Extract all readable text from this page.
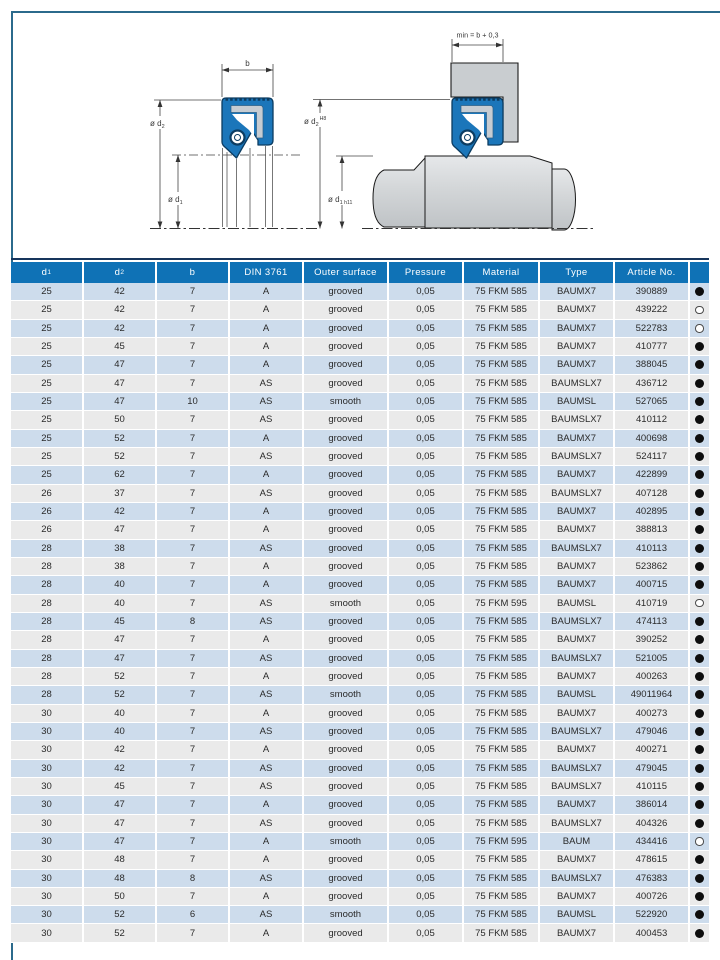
b
ø $d_2$
ø $d_1$
min = b + 0,3
ø $d_2^{H8}$
ø $d_1$ h11
d 1	d 2	b	DIN 3761	Outer surface	Pressure	Material	Type	Article No.
25	42	7	A	grooved	0,05	75 FKM 585	BAUMX7	390889
25	42	7	A	grooved	0,05	75 FKM 585	BAUMX7	439222
25	42	7	A	grooved	0,05	75 FKM 585	BAUMX7	522783
25	45	7	A	grooved	0,05	75 FKM 585	BAUMX7	410777
25	47	7	A	grooved	0,05	75 FKM 585	BAUMX7	388045
25	47	7	AS	grooved	0,05	75 FKM 585	BAUMSLX7	436712
25	47	10	AS	smooth	0,05	75 FKM 585	BAUMSL	527065
25	50	7	AS	grooved	0,05	75 FKM 585	BAUMSLX7	410112
25	52	7	A	grooved	0,05	75 FKM 585	BAUMX7	400698
25	52	7	AS	grooved	0,05	75 FKM 585	BAUMSLX7	524117
25	62	7	A	grooved	0,05	75 FKM 585	BAUMX7	422899
26	37	7	AS	grooved	0,05	75 FKM 585	BAUMSLX7	407128
26	42	7	A	grooved	0,05	75 FKM 585	BAUMX7	402895
26	47	7	A	grooved	0,05	75 FKM 585	BAUMX7	388813
28	38	7	AS	grooved	0,05	75 FKM 585	BAUMSLX7	410113
28	38	7	A	grooved	0,05	75 FKM 585	BAUMX7	523862
28	40	7	A	grooved	0,05	75 FKM 585	BAUMX7	400715
28	40	7	AS	smooth	0,05	75 FKM 595	BAUMSL	410719
28	45	8	AS	grooved	0,05	75 FKM 585	BAUMSLX7	474113
28	47	7	A	grooved	0,05	75 FKM 585	BAUMX7	390252
28	47	7	AS	grooved	0,05	75 FKM 585	BAUMSLX7	521005
28	52	7	A	grooved	0,05	75 FKM 585	BAUMX7	400263
28	52	7	AS	smooth	0,05	75 FKM 585	BAUMSL	49011964
30	40	7	A	grooved	0,05	75 FKM 585	BAUMX7	400273
30	40	7	AS	grooved	0,05	75 FKM 585	BAUMSLX7	479046
30	42	7	A	grooved	0,05	75 FKM 585	BAUMX7	400271
30	42	7	AS	grooved	0,05	75 FKM 585	BAUMSLX7	479045
30	45	7	AS	grooved	0,05	75 FKM 585	BAUMSLX7	410115
30	47	7	A	grooved	0,05	75 FKM 585	BAUMX7	386014
30	47	7	AS	grooved	0,05	75 FKM 585	BAUMSLX7	404326
30	47	7	A	smooth	0,05	75 FKM 595	BAUM	434416
30	48	7	A	grooved	0,05	75 FKM 585	BAUMX7	478615
30	48	8	AS	grooved	0,05	75 FKM 585	BAUMSLX7	476383
30	50	7	A	grooved	0,05	75 FKM 585	BAUMX7	400726
30	52	6	AS	smooth	0,05	75 FKM 585	BAUMSL	522920
30	52	7	A	grooved	0,05	75 FKM 585	BAUMX7	400453
